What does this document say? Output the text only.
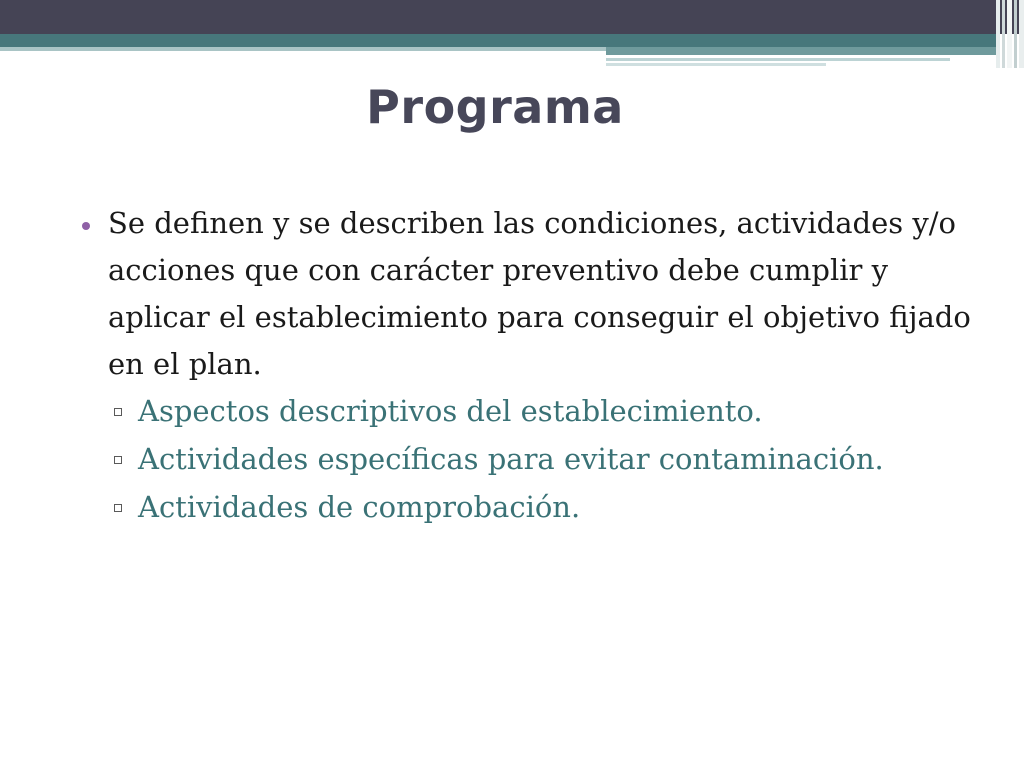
Programa
Se definen y se describen las condiciones, actividades y/o acciones que con carácter preventivo debe cumplir y aplicar el establecimiento para conseguir el objetivo fijado en el plan.
Aspectos descriptivos del establecimiento.
Actividades específicas para evitar contaminación.
Actividades de comprobación.
